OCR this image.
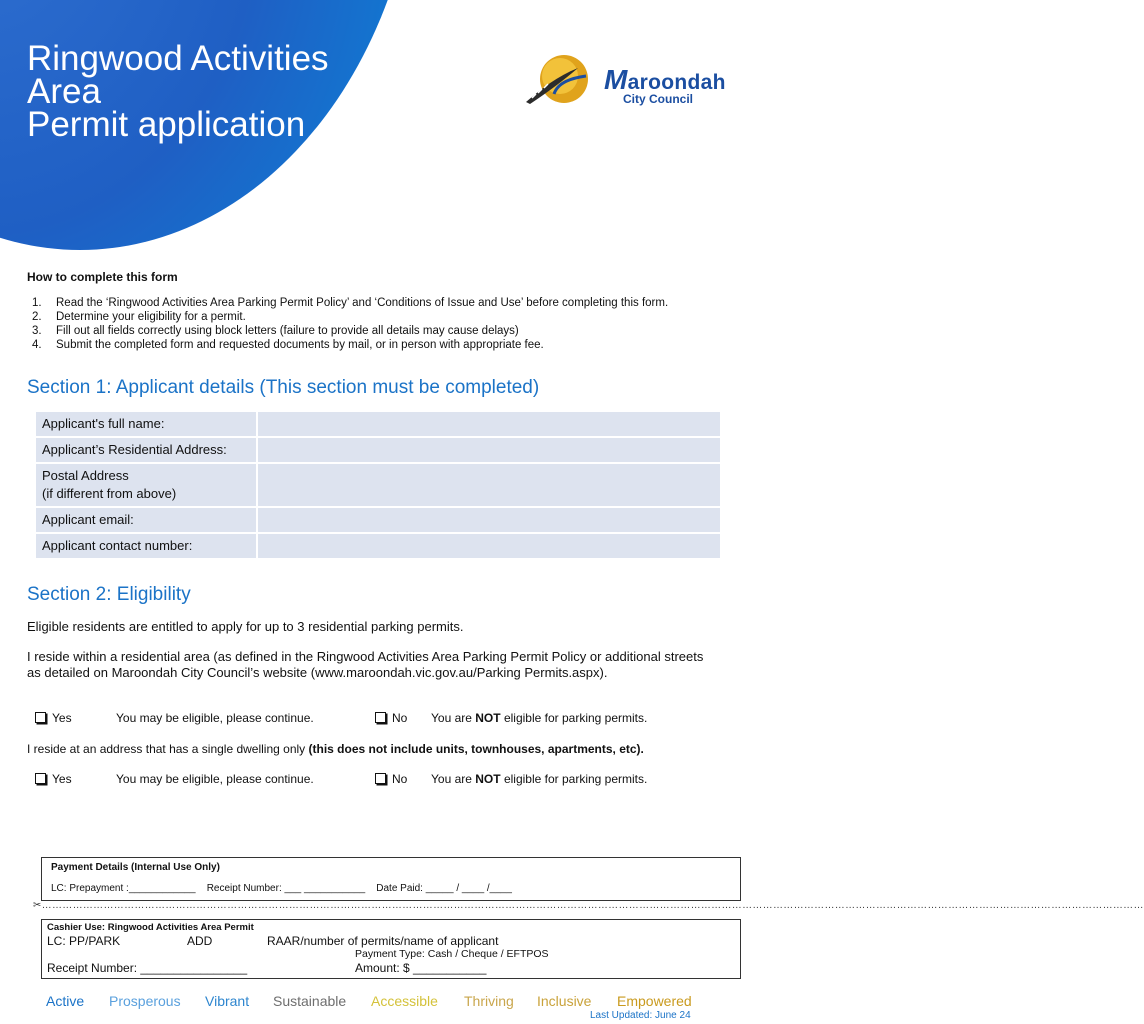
Ringwood Activities
Area
Permit application
Maroondah
City Council
How to complete this form
1.	Read the ‘Ringwood Activities Area Parking Permit Policy’ and ‘Conditions of Issue and Use’ before completing this form.
2.	Determine your eligibility for a permit.
3.	Fill out all fields correctly using block letters (failure to provide all details may cause delays)
4.	Submit the completed form and requested documents by mail, or in person with appropriate fee.
Section 1: Applicant details (This section must be completed)
Applicant's full name:	
Applicant’s Residential Address:	

Postal Address
(if different from above)	

Applicant email:	
Applicant contact number:	
Section 2: Eligibility
Eligible residents are entitled to apply for up to 3 residential parking permits.
I reside within a residential area (as defined in the Ringwood Activities Area Parking Permit Policy or additional streets as detailed on Maroondah City Council’s website (www.maroondah.vic.gov.au/Parking Permits.aspx).
Yes	You may be eligible, please continue.	No You are NOT eligible for parking permits.
I reside at an address that has a single dwelling only (this does not include units, townhouses, apartments, etc).
Yes	You may be eligible, please continue.	No You are NOT eligible for parking permits.
Payment Details (Internal Use Only)
LC: Prepayment :____________ Receipt Number: ___ ___________ Date Paid: _____ / ____ /____
✂……………………………………………………………………………………………………………………………………………………………………………………………………………………………………………………………………………………………
Cashier Use: Ringwood Activities Area Permit
LC: PP/PARK	ADD	RAAR/number of permits/name of applicant
Payment Type: Cash / Cheque / EFTPOS
Receipt Number: ________________	Amount: $ ___________
Active Prosperous Vibrant Sustainable Accessible Thriving Inclusive Empowered
Last Updated: June 24
